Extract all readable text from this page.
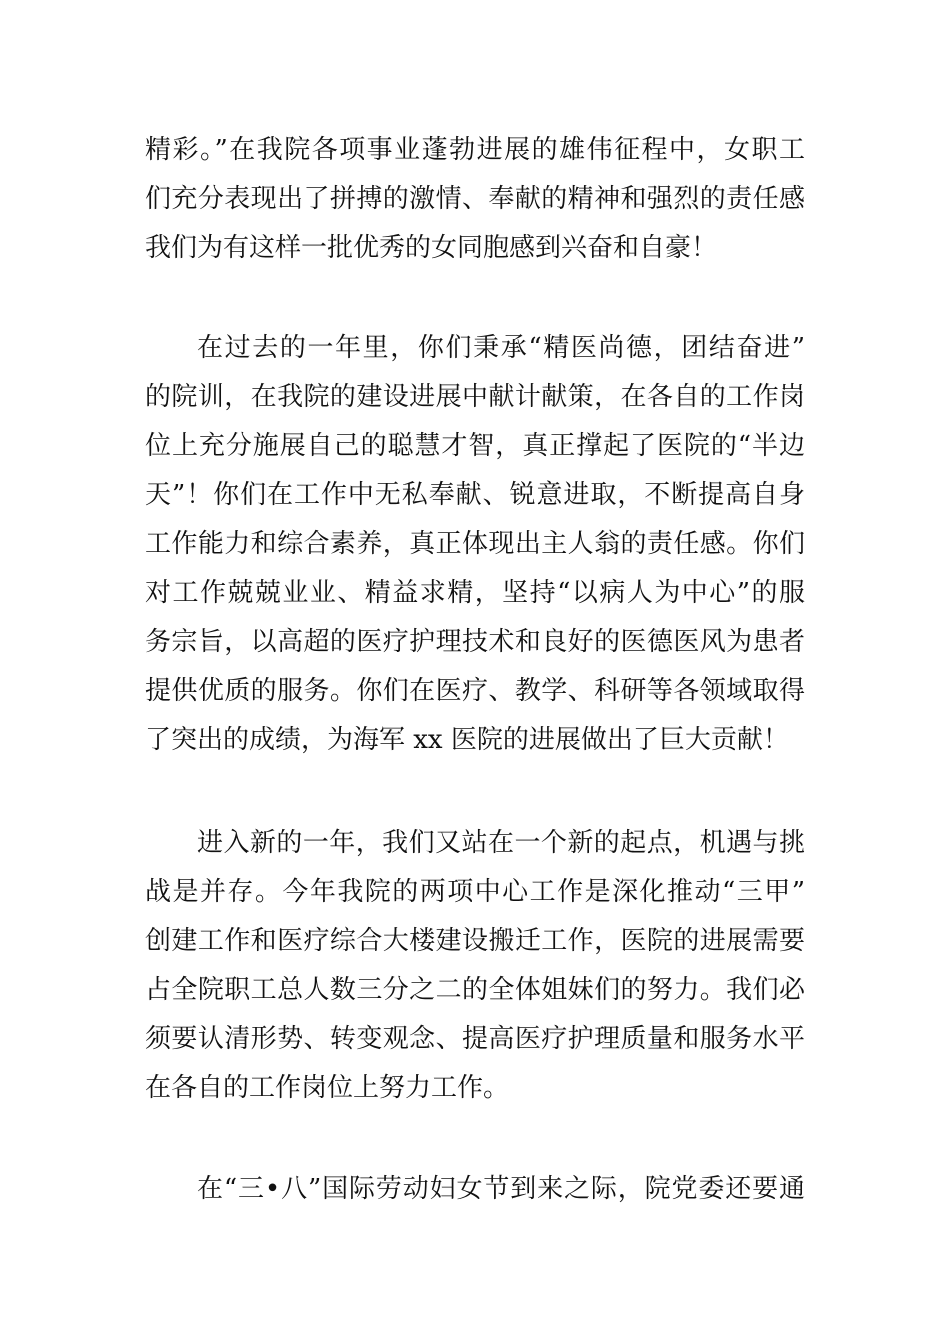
精彩。”在我院各项事业蓬勃进展的雄伟征程中，女职工
们充分表现出了拼搏的激情、奉献的精神和强烈的责任感
我们为有这样一批优秀的女同胞感到兴奋和自豪！
在过去的一年里，你们秉承“精医尚德，团结奋进”
的院训，在我院的建设进展中献计献策，在各自的工作岗
位上充分施展自己的聪慧才智，真正撑起了医院的“半边
天”！你们在工作中无私奉献、锐意进取，不断提高自身
工作能力和综合素养，真正体现出主人翁的责任感。你们
对工作兢兢业业、精益求精，坚持“以病人为中心”的服
务宗旨，以高超的医疗护理技术和良好的医德医风为患者
提供优质的服务。你们在医疗、教学、科研等各领域取得
了突出的成绩，为海军 xx 医院的进展做出了巨大贡献！
进入新的一年，我们又站在一个新的起点，机遇与挑
战是并存。今年我院的两项中心工作是深化推动“三甲”
创建工作和医疗综合大楼建设搬迁工作，医院的进展需要
占全院职工总人数三分之二的全体姐妹们的努力。我们必
须要认清形势、转变观念、提高医疗护理质量和服务水平
在各自的工作岗位上努力工作。
在“三•八”国际劳动妇女节到来之际，院党委还要通
